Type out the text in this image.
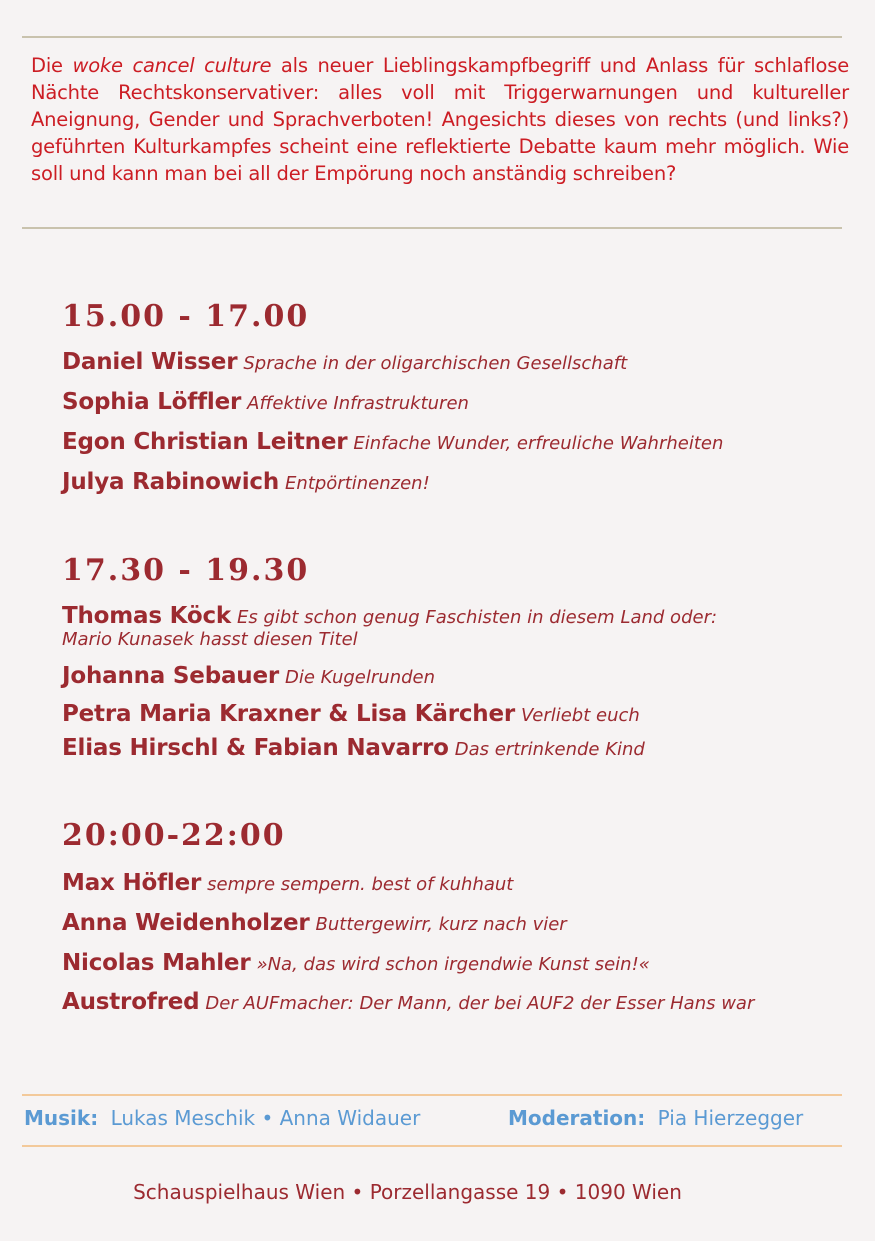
Die woke cancel culture als neuer Lieblingskampfbegriff und Anlass für schlaflose Nächte Rechtskonservativer: alles voll mit Triggerwarnungen und kultureller Aneignung, Gender und Sprachverboten! Angesichts dieses von rechts (und links?) geführten Kulturkampfes scheint eine reflektierte Debatte kaum mehr möglich. Wie soll und kann man bei all der Empörung noch anständig schreiben?
15.00 - 17.00
Daniel Wisser Sprache in der oligarchischen Gesellschaft
Sophia Löffler Affektive Infrastrukturen
Egon Christian Leitner Einfache Wunder, erfreuliche Wahrheiten
Julya Rabinowich Entpörtinenzen!
17.30 - 19.30
Thomas Köck Es gibt schon genug Faschisten in diesem Land oder:
Mario Kunasek hasst diesen Titel
Johanna Sebauer Die Kugelrunden
Petra Maria Kraxner & Lisa Kärcher Verliebt euch
Elias Hirschl & Fabian Navarro Das ertrinkende Kind
20:00-22:00
Max Höfler sempre sempern. best of kuhhaut
Anna Weidenholzer Buttergewirr, kurz nach vier
Nicolas Mahler »Na, das wird schon irgendwie Kunst sein!«
Austrofred Der AUFmacher: Der Mann, der bei AUF2 der Esser Hans war
Musik: Lukas Meschik • Anna Widauer	Moderation: Pia Hierzegger
Schauspielhaus Wien • Porzellangasse 19 • 1090 Wien
